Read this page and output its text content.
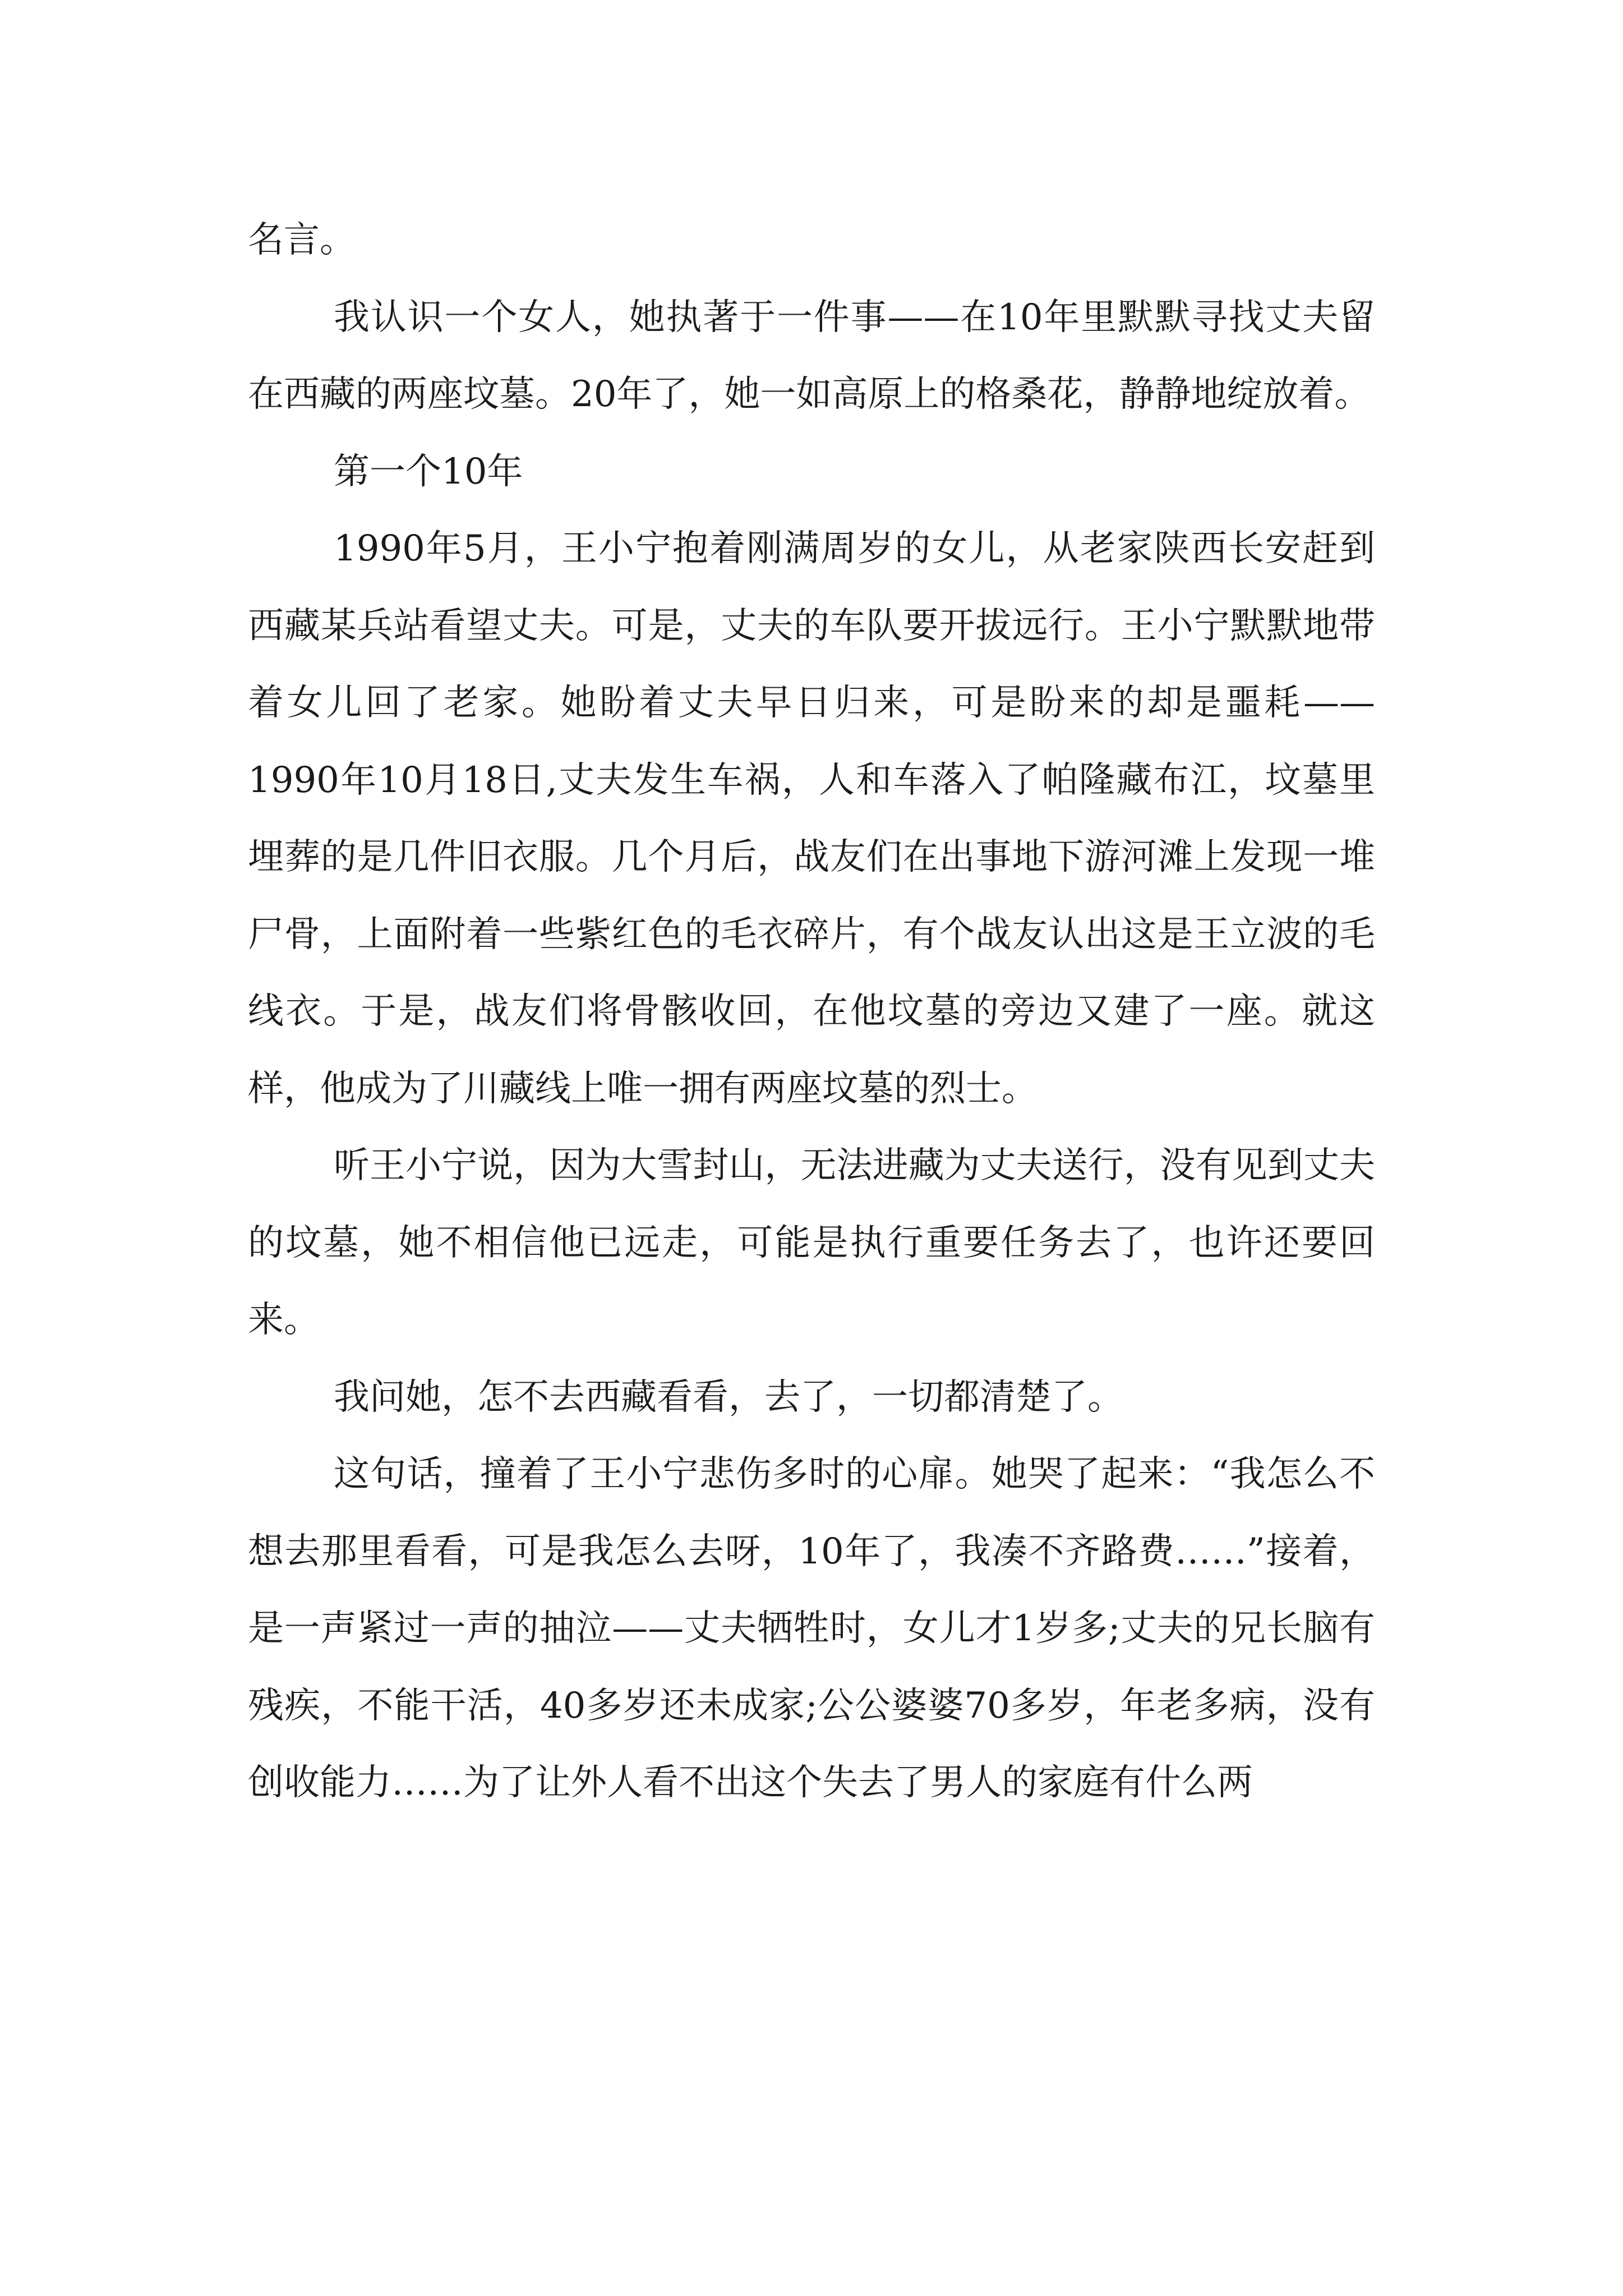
名言。

我认识一个女人，她执著于一件事——在10年里默默寻找丈夫留在西藏的两座坟墓。20年了，她一如高原上的格桑花，静静地绽放着。

第一个10年

1990年5月，王小宁抱着刚满周岁的女儿，从老家陕西长安赶到西藏某兵站看望丈夫。可是，丈夫的车队要开拔远行。王小宁默默地带着女儿回了老家。她盼着丈夫早日归来，可是盼来的却是噩耗——1990年10月18日,丈夫发生车祸，人和车落入了帕隆藏布江，坟墓里埋葬的是几件旧衣服。几个月后，战友们在出事地下游河滩上发现一堆尸骨，上面附着一些紫红色的毛衣碎片，有个战友认出这是王立波的毛线衣。于是，战友们将骨骸收回，在他坟墓的旁边又建了一座。就这样，他成为了川藏线上唯一拥有两座坟墓的烈士。

听王小宁说，因为大雪封山，无法进藏为丈夫送行，没有见到丈夫的坟墓，她不相信他已远走，可能是执行重要任务去了，也许还要回来。

我问她，怎不去西藏看看，去了，一切都清楚了。

这句话，撞着了王小宁悲伤多时的心扉。她哭了起来：“我怎么不想去那里看看，可是我怎么去呀，10年了，我凑不齐路费……”接着，是一声紧过一声的抽泣——丈夫牺牲时，女儿才1岁多;丈夫的兄长脑有残疾，不能干活，40多岁还未成家;公公婆婆70多岁，年老多病，没有创收能力……为了让外人看不出这个失去了男人的家庭有什么两
